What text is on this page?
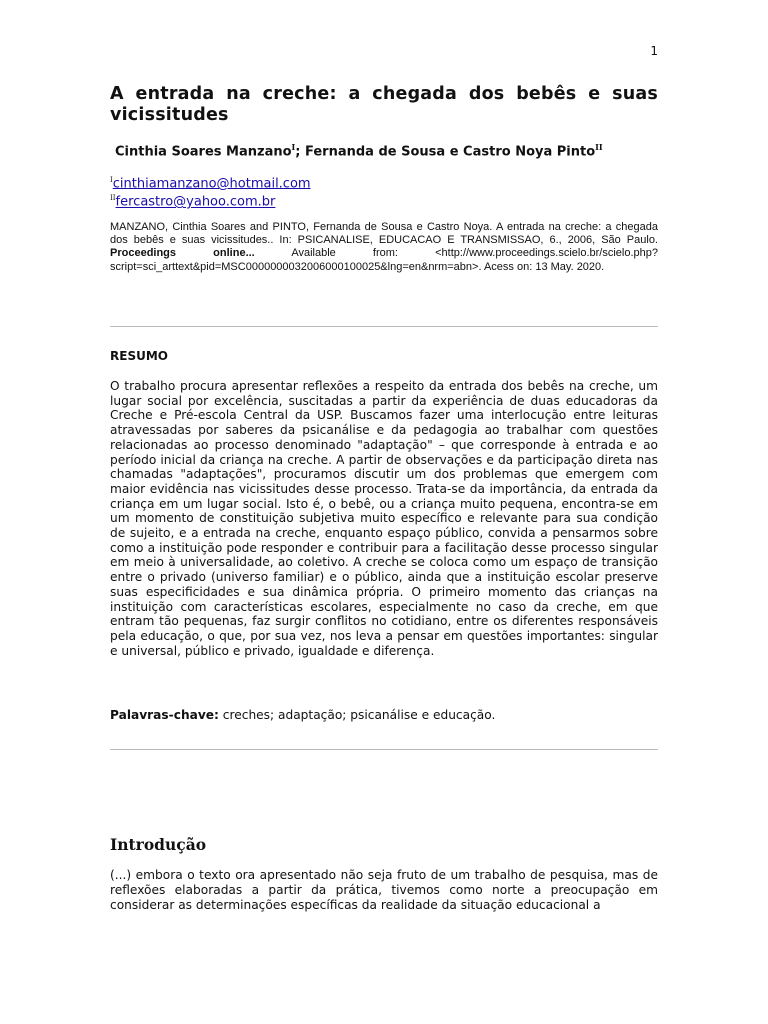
1
A entrada na creche: a chegada dos bebês e suas vicissitudes

Cinthia Soares Manzano$^I$; Fernanda de Sousa e Castro Noya Pinto$^{II}$

$^I$cinthiamanzano@hotmail.com
$^{II}$fercastro@yahoo.com.br

MANZANO, Cinthia Soares and PINTO, Fernanda de Sousa e Castro Noya. A entrada na creche: a chegada dos bebês e suas vicissitudes.. In: PSICANALISE, EDUCACAO E TRANSMISSAO, 6., 2006, São Paulo. Proceedings online...	Available from: <http://www.proceedings.scielo.br/scielo.php?script=sci_arttext&pid=MSC0000000032006000100025&lng=en&nrm=abn>. Acess on: 13 May. 2020.

RESUMO

O trabalho procura apresentar reflexões a respeito da entrada dos bebês na creche, um lugar social por excelência, suscitadas a partir da experiência de duas educadoras da Creche e Pré-escola Central da USP. Buscamos fazer uma interlocução entre leituras atravessadas por saberes da psicanálise e da pedagogia ao trabalhar com questões relacionadas ao processo denominado "adaptação" – que corresponde à entrada e ao período inicial da criança na creche. A partir de observações e da participação direta nas chamadas "adaptações", procuramos discutir um dos problemas que emergem com maior evidência nas vicissitudes desse processo. Trata-se da importância, da entrada da criança em um lugar social. Isto é, o bebê, ou a criança muito pequena, encontra-se em um momento de constituição subjetiva muito específico e relevante para sua condição de sujeito, e a entrada na creche, enquanto espaço público, convida a pensarmos sobre como a instituição pode responder e contribuir para a facilitação desse processo singular em meio à universalidade, ao coletivo. A creche se coloca como um espaço de transição entre o privado (universo familiar) e o público, ainda que a instituição escolar preserve suas especificidades e sua dinâmica própria. O primeiro momento das crianças na instituição com características escolares, especialmente no caso da creche, em que entram tão pequenas, faz surgir conflitos no cotidiano, entre os diferentes responsáveis pela educação, o que, por sua vez, nos leva a pensar em questões importantes: singular e universal, público e privado, igualdade e diferença.

Palavras-chave: creches; adaptação; psicanálise e educação.

Introdução

(...) embora o texto ora apresentado não seja fruto de um trabalho de pesquisa, mas de reflexões elaboradas a partir da prática, tivemos como norte a preocupação em considerar as determinações específicas da realidade da situação educacional a
